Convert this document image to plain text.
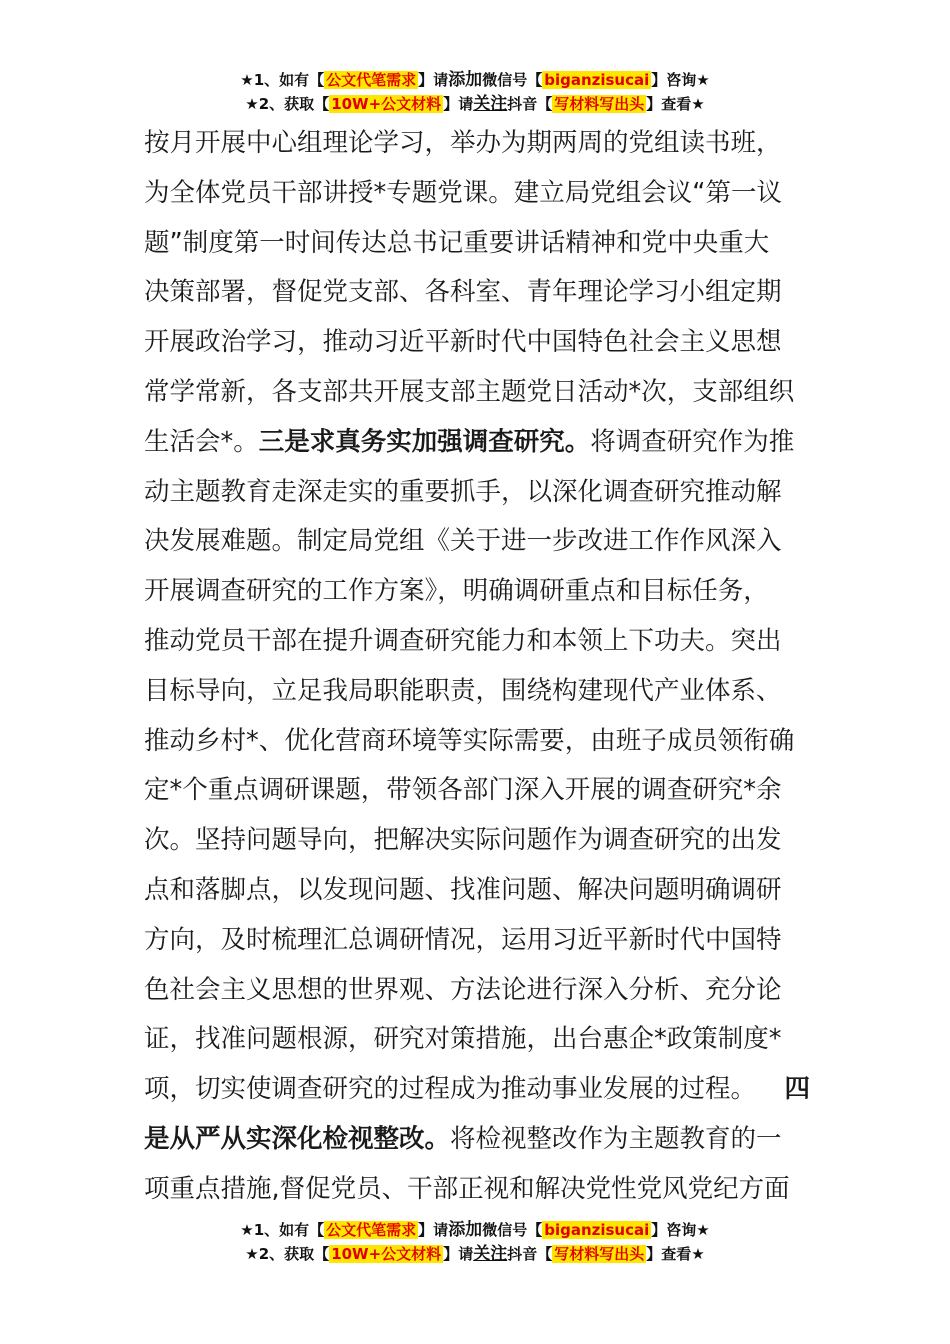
★1、如有【 公文代笔需求 】请添加微信号【 biganzisucai 】咨询★
★2、获取【 10W+公文材料 】请关注抖音【 写材料写出头 】查看★
按月开展中心组理论学习，举办为期两周的党组读书班，
为全体党员干部讲授*专题党课。建立局党组会议“第一议
题”制度第一时间传达总书记重要讲话精神和党中央重大
决策部署，督促党支部、各科室、青年理论学习小组定期
开展政治学习，推动习近平新时代中国特色社会主义思想
常学常新，各支部共开展支部主题党日活动*次，支部组织
生活会*。三是求真务实加强调查研究。将调查研究作为推
动主题教育走深走实的重要抓手，以深化调查研究推动解
决发展难题。制定局党组《关于进一步改进工作作风深入
开展调查研究的工作方案》，明确调研重点和目标任务，
推动党员干部在提升调查研究能力和本领上下功夫。突出
目标导向，立足我局职能职责，围绕构建现代产业体系、
推动乡村*、优化营商环境等实际需要，由班子成员领衔确
定*个重点调研课题，带领各部门深入开展的调查研究*余
次。坚持问题导向，把解决实际问题作为调查研究的出发
点和落脚点，以发现问题、找准问题、解决问题明确调研
方向，及时梳理汇总调研情况，运用习近平新时代中国特
色社会主义思想的世界观、方法论进行深入分析、充分论
证，找准问题根源，研究对策措施，出台惠企*政策制度*
项，切实使调查研究的过程成为推动事业发展的过程。 四
是从严从实深化检视整改。将检视整改作为主题教育的一
项重点措施,督促党员、干部正视和解决党性党风党纪方面
★1、如有【 公文代笔需求 】请添加微信号【 biganzisucai 】咨询★
★2、获取【 10W+公文材料 】请关注抖音【 写材料写出头 】查看★
